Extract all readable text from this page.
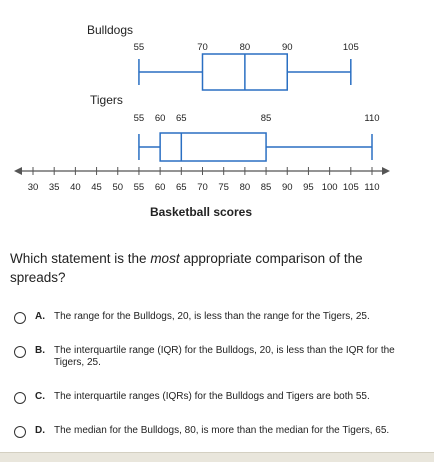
Bulldogs
Tigers
55	70	80	90	105
55 60 65	85	110
30 35 40 45 50 55 60 65 70 75 80 85 90 95 100 105 110
Basketball scores
Which statement is the most appropriate comparison of the spreads?
A. The range for the Bulldogs, 20, is less than the range for the Tigers, 25.
B. The interquartile range (IQR) for the Bulldogs, 20, is less than the IQR for the Tigers, 25.
C. The interquartile ranges (IQRs) for the Bulldogs and Tigers are both 55.
D. The median for the Bulldogs, 80, is more than the median for the Tigers, 65.
